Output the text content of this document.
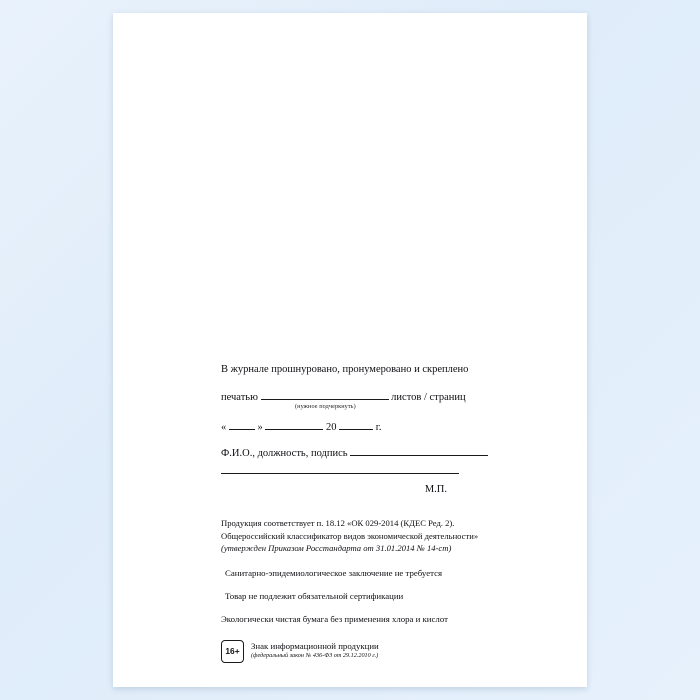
В журнале прошнуровано, пронумеровано и скреплено
печатью	листов / страниц
(нужное подчеркнуть)
«	»	20	г.
Ф.И.О., должность, подпись
М.П.
Продукция соответствует п. 18.12 «ОК 029-2014 (КДЕС Ред. 2).
Общероссийский классификатор видов экономической деятельности»
(утвержден Приказом Росстандарта от 31.01.2014 № 14-ст)
Санитарно-эпидемиологическое заключение не требуется
Товар не подлежит обязательной сертификации
Экологически чистая бумага без применения хлора и кислот
16+
Знак информационной продукции
(федеральный закон № 436-ФЗ от 29.12.2010 г.)
